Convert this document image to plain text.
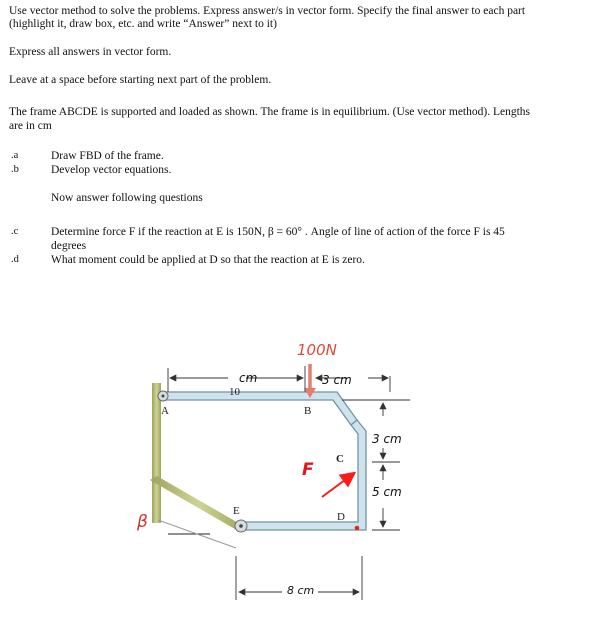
Use vector method to solve the problems. Express answer/s in vector form. Specify the final answer to each part
(highlight it, draw box, etc. and write “Answer” next to it)
Express all answers in vector form.
Leave at a space before starting next part of the problem.
The frame ABCDE is supported and loaded as shown. The frame is in equilibrium. (Use vector method). Lengths
are in cm
.a	Draw FBD of the frame.
.b	Develop vector equations.
Now answer following questions
.c	Determine force F if the reaction at E is 150N, β = 60° . Angle of line of action of the force F is 45
degrees
.d	What moment could be applied at D so that the reaction at E is zero.
A	B
C
D
E
10
100N
cm	3 cm
3 cm
5 cm
8 cm
F
β
